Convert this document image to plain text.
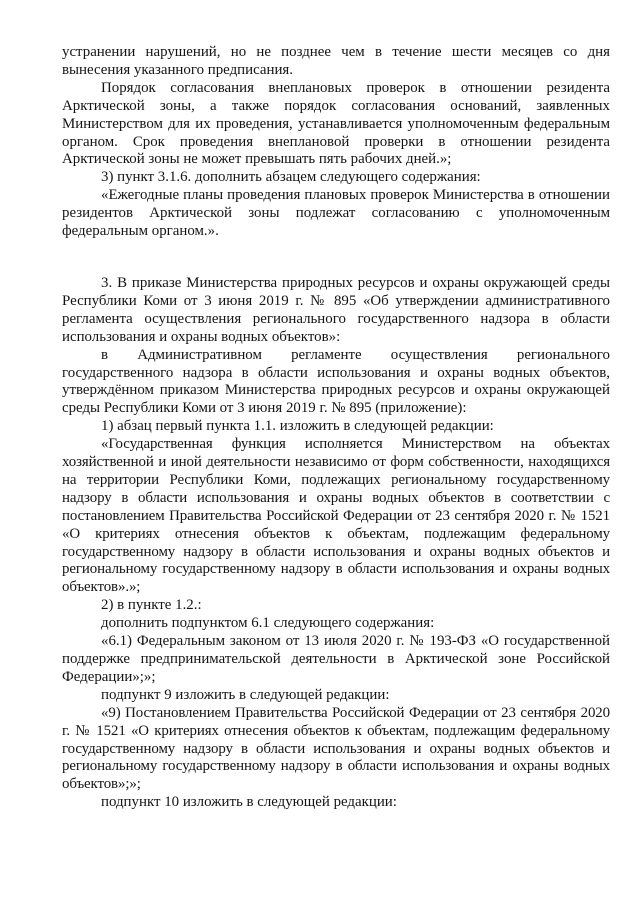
устранении нарушений, но не позднее чем в течение шести месяцев со дня вынесения указанного предписания.

Порядок согласования внеплановых проверок в отношении резидента Арктической зоны, а также порядок согласования оснований, заявленных Министерством для их проведения, устанавливается уполномоченным федеральным органом. Срок проведения внеплановой проверки в отношении резидента Арктической зоны не может превышать пять рабочих дней.»;

3) пункт 3.1.6. дополнить абзацем следующего содержания:

«Ежегодные планы проведения плановых проверок Министерства в отношении резидентов Арктической зоны подлежат согласованию с уполномоченным федеральным органом.».

3. В приказе Министерства природных ресурсов и охраны окружающей среды Республики Коми от 3 июня 2019 г. № 895 «Об утверждении административного регламента осуществления регионального государственного надзора в области использования и охраны водных объектов»:

в Административном регламенте осуществления регионального государственного надзора в области использования и охраны водных объектов, утверждённом приказом Министерства природных ресурсов и охраны окружающей среды Республики Коми от 3 июня 2019 г. № 895 (приложение):

1) абзац первый пункта 1.1. изложить в следующей редакции:

«Государственная функция исполняется Министерством на объектах хозяйственной и иной деятельности независимо от форм собственности, находящихся на территории Республики Коми, подлежащих региональному государственному надзору в области использования и охраны водных объектов в соответствии с постановлением Правительства Российской Федерации от 23 сентября 2020 г. № 1521 «О критериях отнесения объектов к объектам, подлежащим федеральному государственному надзору в области использования и охраны водных объектов и региональному государственному надзору в области использования и охраны водных объектов».»;

2) в пункте 1.2.:

дополнить подпунктом 6.1 следующего содержания:

«6.1) Федеральным законом от 13 июля 2020 г. № 193-ФЗ «О государственной поддержке предпринимательской деятельности в Арктической зоне Российской Федерации»;»;

подпункт 9 изложить в следующей редакции:

«9) Постановлением Правительства Российской Федерации от 23 сентября 2020 г. № 1521 «О критериях отнесения объектов к объектам, подлежащим федеральному государственному надзору в области использования и охраны водных объектов и региональному государственному надзору в области использования и охраны водных объектов»;»;

подпункт 10 изложить в следующей редакции:
